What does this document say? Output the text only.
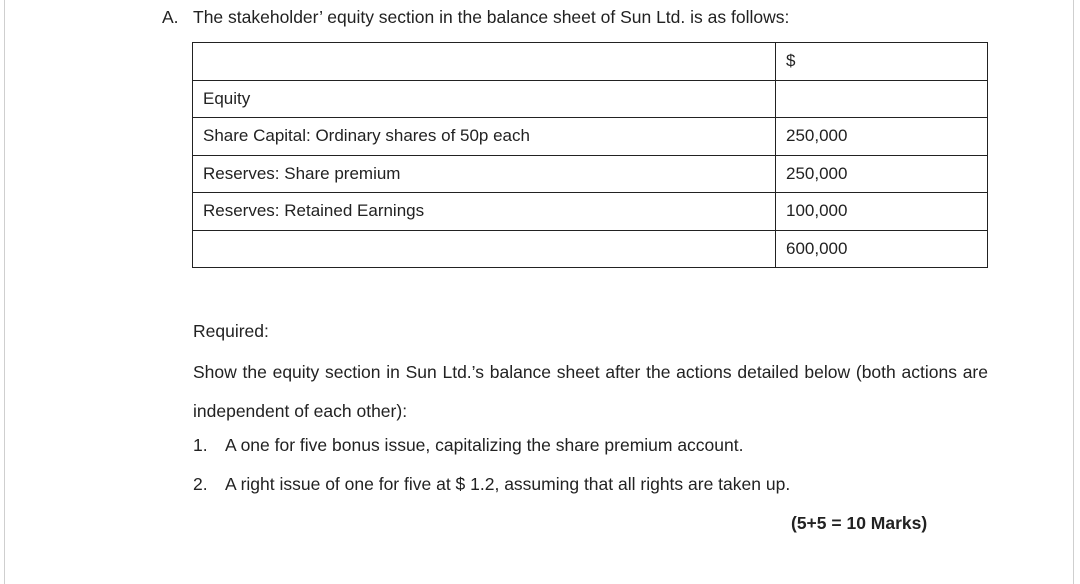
A. The stakeholder’ equity section in the balance sheet of Sun Ltd. is as follows:
	$
Equity	
Share Capital: Ordinary shares of 50p each	250,000
Reserves: Share premium	250,000
Reserves: Retained Earnings	100,000
	600,000
Required:
Show the equity section in Sun Ltd.’s balance sheet after the actions detailed below (both actions are independent of each other):
1. A one for five bonus issue, capitalizing the share premium account.
2. A right issue of one for five at $ 1.2, assuming that all rights are taken up.
(5+5 = 10 Marks)
